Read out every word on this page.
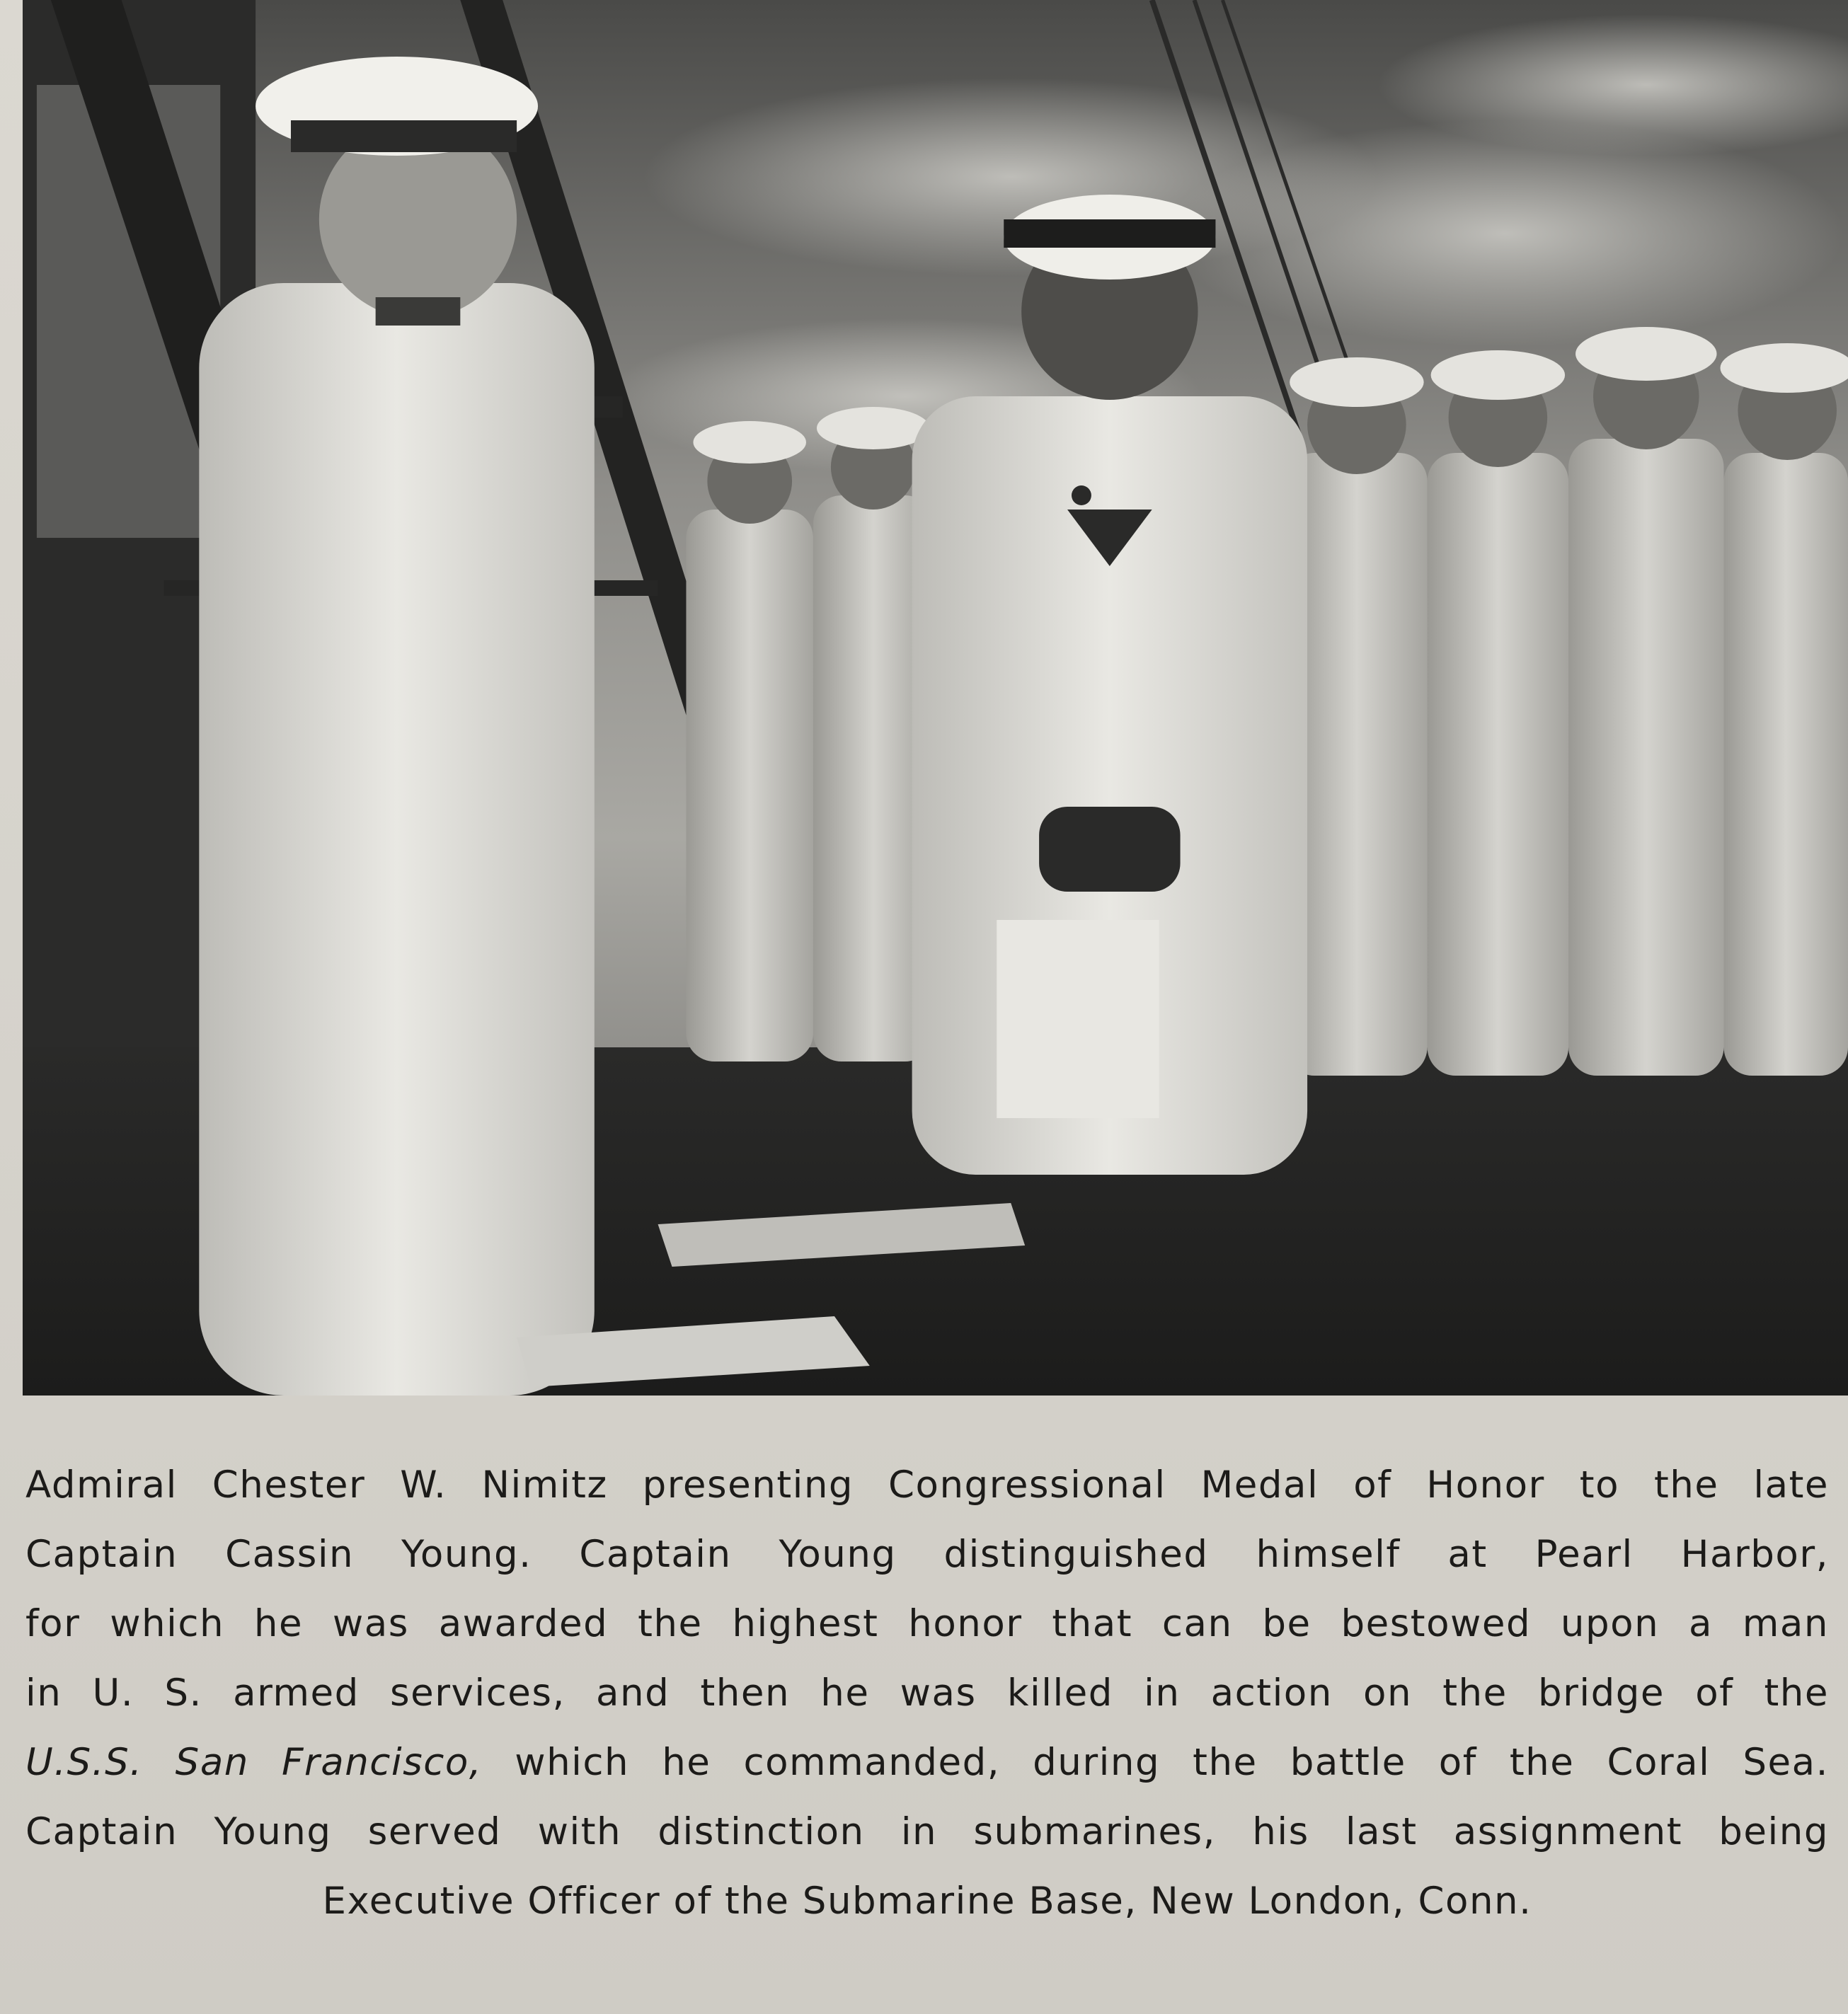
Admiral Chester W. Nimitz presenting Congressional Medal of Honor to the late
Captain Cassin Young. Captain Young distinguished himself at Pearl Harbor,
for which he was awarded the highest honor that can be bestowed upon a man
in U. S. armed services, and then he was killed in action on the bridge of the
U.S.S. San Francisco, which he commanded, during the battle of the Coral Sea.
Captain Young served with distinction in submarines, his last assignment being
Executive Officer of the Submarine Base, New London, Conn.
